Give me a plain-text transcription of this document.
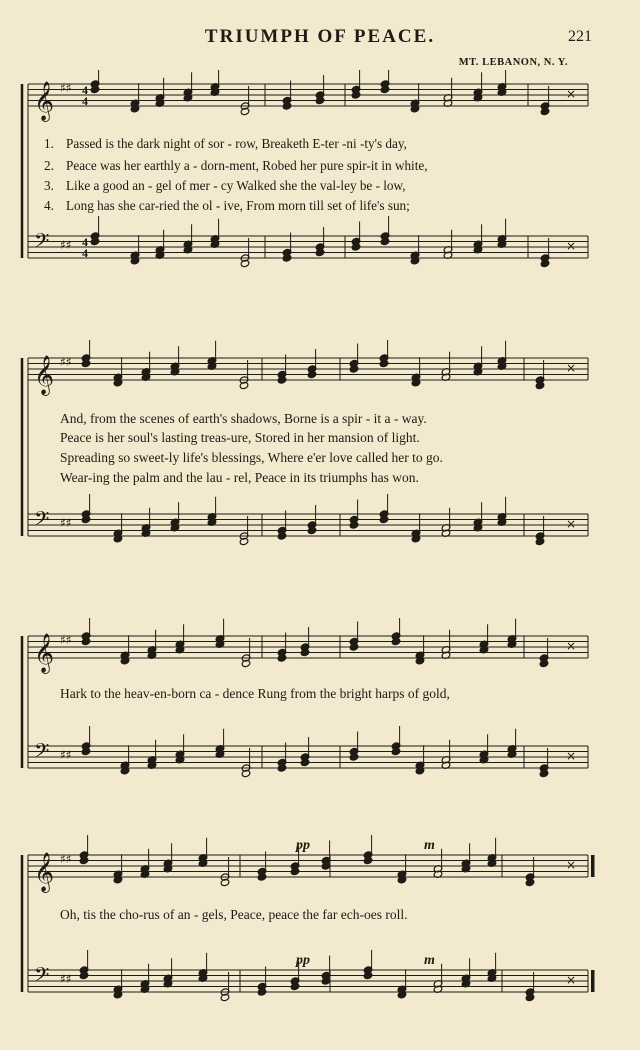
TRIUMPH OF PEACE.	221
MT. LEBANON, N. Y.
𝄞 ♯♯ 4
4	×
𝄢 ♯♯ 4
4	×
1. Passed is the dark night of sor - row, Breaketh E-ter -ni -ty's day,
2. Peace was her earthly a - dorn-ment, Robed her pure spir-it in white,
3. Like a good an - gel of mer - cy Walked she the val-ley be - low,
4. Long has she car-ried the ol - ive, From morn till set of life's sun;
𝄞 ♯♯	×
𝄢 ♯♯	×
And, from the scenes of earth's shadows, Borne is a spir - it a - way.
Peace is her soul's lasting treas-ure, Stored in her mansion of light.
Spreading so sweet-ly life's blessings, Where e'er love called her to go.
Wear-ing the palm and the lau - rel, Peace in its triumphs has won.
𝄞 ♯♯	×
𝄢 ♯♯	×
Hark to the heav-en-born ca - dence Rung from the bright harps of gold,
𝄞 ♯♯	×
𝄢 ♯♯	×
pp	m
pp	m
Oh, tis the cho-rus of an - gels, Peace, peace the far ech-oes roll.
